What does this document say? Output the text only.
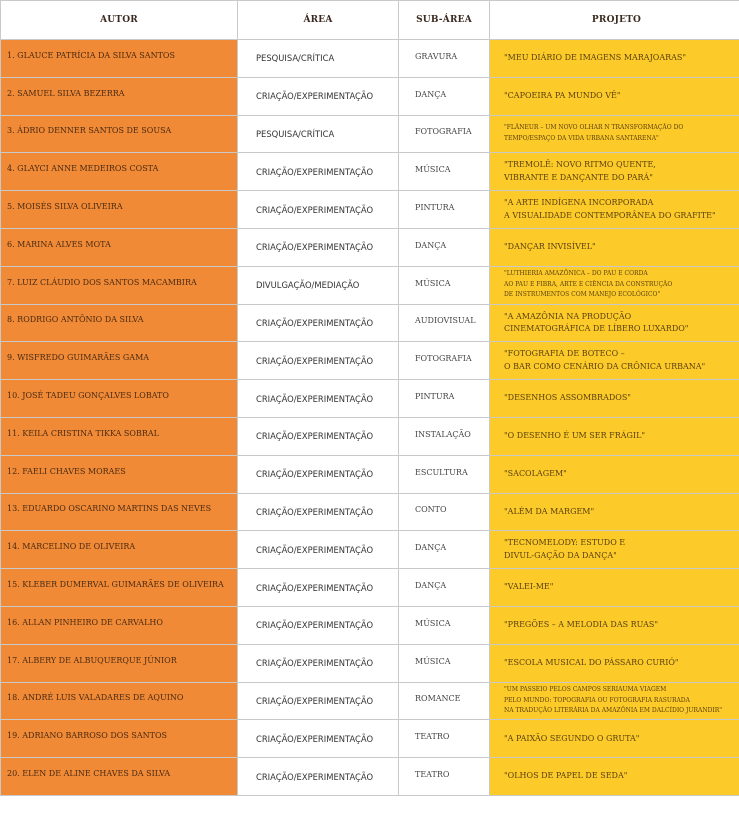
AUTOR	ÁREA	SUB-ÁREA	PROJETO
1. GLAUCE PATRÍCIA DA SILVA SANTOS	PESQUISA/CRÍTICA	GRAVURA	"MEU DIÁRIO DE IMAGENS MARAJOARAS"

2. SAMUEL SILVA BEZERRA	CRIAÇÃO/EXPERIMENTAÇÃO	DANÇA	"CAPOEIRA PA MUNDO VÊ"

3. ÁDRIO DENNER SANTOS DE SOUSA	PESQUISA/CRÍTICA	FOTOGRAFIA	"FLÂNEUR – UM NOVO OLHAR N TRANSFORMAÇÃO DO
TEMPO/ESPAÇO DA VIDA URBANA SANTARENA"

4. GLAYCI ANNE MEDEIROS COSTA	CRIAÇÃO/EXPERIMENTAÇÃO	MÚSICA	"TREMOLÊ: NOVO RITMO QUENTE,
VIBRANTE E DANÇANTE DO PARÁ"

5. MOISÉS SILVA OLIVEIRA	CRIAÇÃO/EXPERIMENTAÇÃO	PINTURA	"A ARTE INDÍGENA INCORPORADA
A VISUALIDADE CONTEMPORÂNEA DO GRAFITE"

6. MARINA ALVES MOTA	CRIAÇÃO/EXPERIMENTAÇÃO	DANÇA	"DANÇAR INVISÍVEL"

7. LUIZ CLÁUDIO DOS SANTOS MACAMBIRA	DIVULGAÇÃO/MEDIAÇÃO	MÚSICA	"LUTHIERIA AMAZÔNICA – DO PAU E CORDA
AO PAU E FIBRA, ARTE E CIÊNCIA DA CONSTRUÇÃO
DE INSTRUMENTOS COM MANEJO ECOLÓGICO"

8. RODRIGO ANTÔNIO DA SILVA	CRIAÇÃO/EXPERIMENTAÇÃO	AUDIOVISUAL	"A AMAZÔNIA NA PRODUÇÃO
CINEMATOGRÁFICA DE LÍBERO LUXARDO"

9. WISFREDO GUIMARÃES GAMA	CRIAÇÃO/EXPERIMENTAÇÃO	FOTOGRAFIA	"FOTOGRAFIA DE BOTECO –
O BAR COMO CENÁRIO DA CRÔNICA URBANA"

10. JOSÉ TADEU GONÇALVES LOBATO	CRIAÇÃO/EXPERIMENTAÇÃO	PINTURA	"DESENHOS ASSOMBRADOS"

11. KEILA CRISTINA TIKKA SOBRAL	CRIAÇÃO/EXPERIMENTAÇÃO	INSTALAÇÃO	"O DESENHO É UM SER FRÁGIL"

12. FAELI CHAVES MORAES	CRIAÇÃO/EXPERIMENTAÇÃO	ESCULTURA	"SACOLAGEM"

13. EDUARDO OSCARINO MARTINS DAS NEVES	CRIAÇÃO/EXPERIMENTAÇÃO	CONTO	"ALÉM DA MARGEM"

14. MARCELINO DE OLIVEIRA	CRIAÇÃO/EXPERIMENTAÇÃO	DANÇA	"TECNOMELODY: ESTUDO E
DIVUL-GAÇÃO DA DANÇA"

15. KLEBER DUMERVAL GUIMARÃES DE OLIVEIRA	CRIAÇÃO/EXPERIMENTAÇÃO	DANÇA	"VALEI-ME"

16. ALLAN PINHEIRO DE CARVALHO	CRIAÇÃO/EXPERIMENTAÇÃO	MÚSICA	"PREGÕES – A MELODIA DAS RUAS"

17. ALBERY DE ALBUQUERQUE JÚNIOR	CRIAÇÃO/EXPERIMENTAÇÃO	MÚSICA	"ESCOLA MUSICAL DO PÁSSARO CURIÓ"

18. ANDRÉ LUIS VALADARES DE AQUINO	CRIAÇÃO/EXPERIMENTAÇÃO	ROMANCE	"UM PASSEIO PELOS CAMPOS SERIAUMA VIAGEM
PELO MUNDO: TOPOGRAFIA OU FOTOGRAFIA RASURADA
NA TRADUÇÃO LITERÁRIA DA AMAZÔNIA EM DALCÍDIO JURANDIR"

19. ADRIANO BARROSO DOS SANTOS	CRIAÇÃO/EXPERIMENTAÇÃO	TEATRO	"A PAIXÃO SEGUNDO O GRUTA"

20. ELEN DE ALINE CHAVES DA SILVA	CRIAÇÃO/EXPERIMENTAÇÃO	TEATRO	"OLHOS DE PAPEL DE SEDA"
